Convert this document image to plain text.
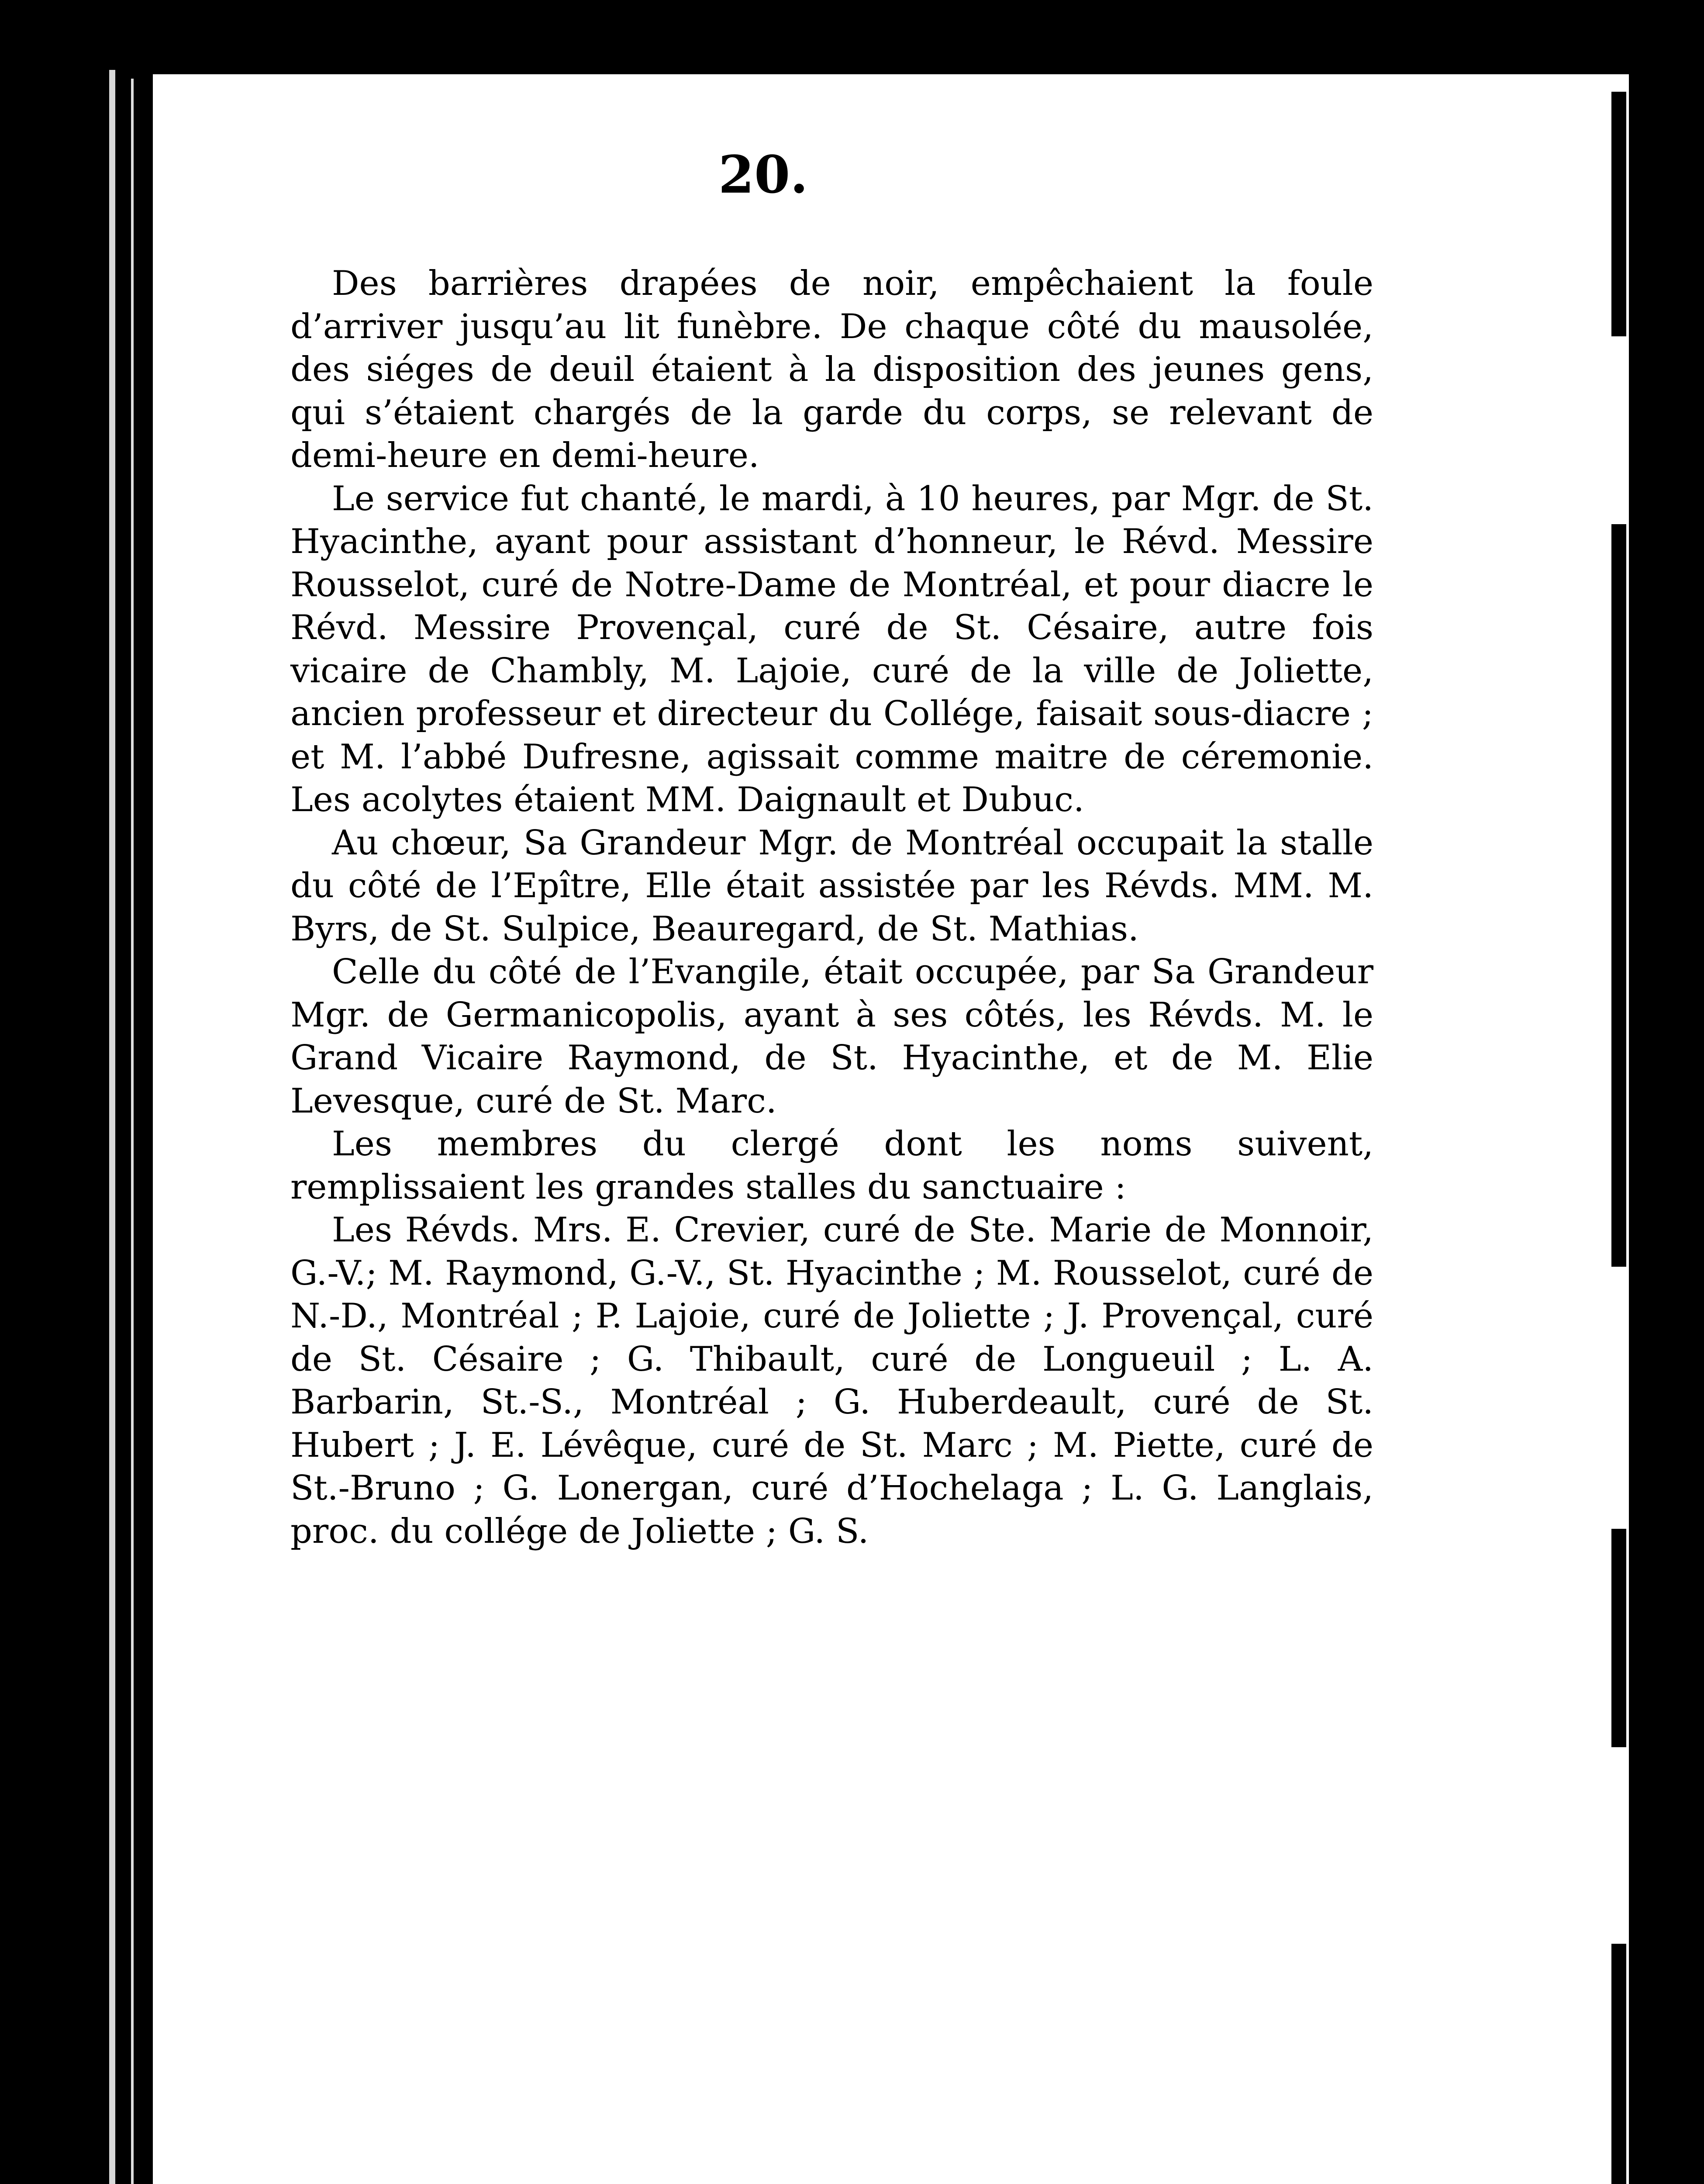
20.

Des barrières drapées de noir, empêchaient la foule d’arriver jusqu’au lit funèbre. De chaque côté du mausolée, des siéges de deuil étaient à la disposition des jeunes gens, qui s’étaient chargés de la garde du corps, se relevant de demi-heure en demi-heure.

Le service fut chanté, le mardi, à 10 heures, par Mgr. de St. Hyacinthe, ayant pour assistant d’honneur, le Révd. Messire Rousselot, curé de Notre-Dame de Montréal, et pour diacre le Révd. Messire Provençal, curé de St. Césaire, autre fois vicaire de Chambly, M. Lajoie, curé de la ville de Joliette, ancien professeur et directeur du Collége, faisait sous-diacre ; et M. l’abbé Dufresne, agissait comme maitre de céremonie. Les acolytes étaient MM. Daignault et Dubuc.

Au chœur, Sa Grandeur Mgr. de Montréal occupait la stalle du côté de l’Epître, Elle était assistée par les Révds. MM. M. Byrs, de St. Sulpice, Beauregard, de St. Mathias.

Celle du côté de l’Evangile, était occupée, par Sa Grandeur Mgr. de Germanicopolis, ayant à ses côtés, les Révds. M. le Grand Vicaire Raymond, de St. Hyacinthe, et de M. Elie Levesque, curé de St. Marc.

Les membres du clergé dont les noms suivent, remplissaient les grandes stalles du sanctuaire :

Les Révds. Mrs. E. Crevier, curé de Ste. Marie de Monnoir, G.-V.; M. Raymond, G.-V., St. Hyacinthe ; M. Rousselot, curé de N.-D., Montréal ; P. Lajoie, curé de Joliette ; J. Provençal, curé de St. Césaire ; G. Thibault, curé de Longueuil ; L. A. Barbarin, St.-S., Montréal ; G. Huberdeault, curé de St. Hubert ; J. E. Lévêque, curé de St. Marc ; M. Piette, curé de St.-Bruno ; G. Lonergan, curé d’Hochelaga ; L. G. Langlais, proc. du collége de Joliette ; G. S.
